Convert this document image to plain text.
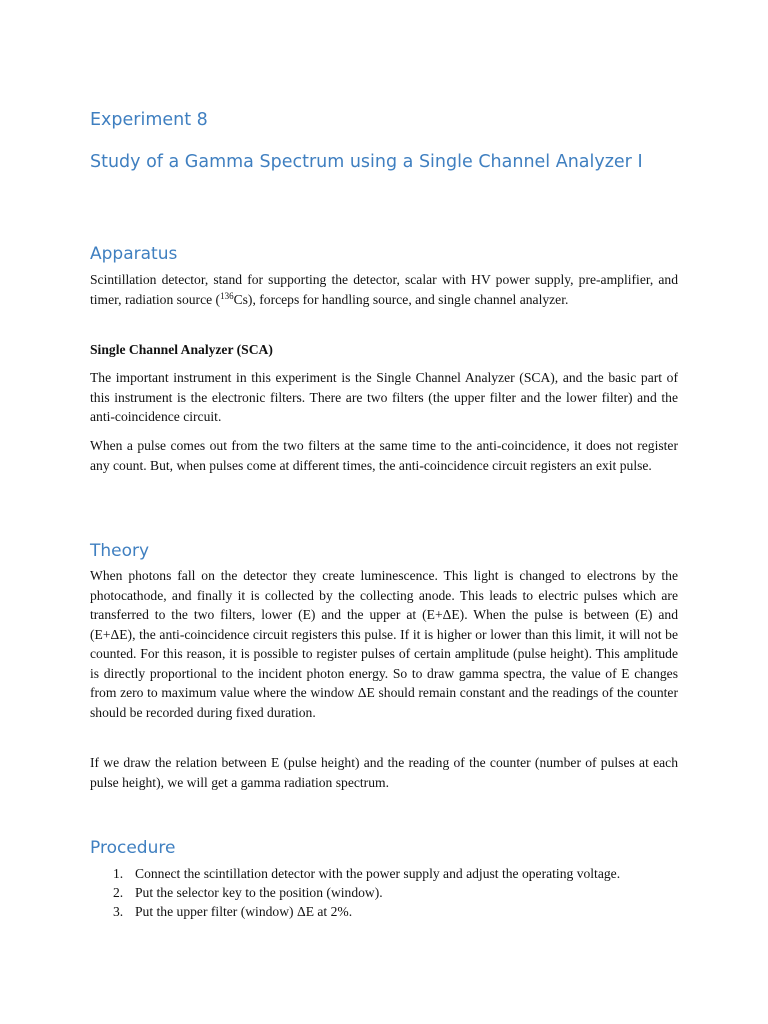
Experiment 8
Study of a Gamma Spectrum using a Single Channel Analyzer I
Apparatus

Scintillation detector, stand for supporting the detector, scalar with HV power supply, pre-amplifier, and timer, radiation source ($^{136}$Cs), forceps for handling source, and single channel analyzer.

Single Channel Analyzer (SCA)

The important instrument in this experiment is the Single Channel Analyzer (SCA), and the basic part of this instrument is the electronic filters. There are two filters (the upper filter and the lower filter) and the anti-coincidence circuit.

When a pulse comes out from the two filters at the same time to the anti-coincidence, it does not register any count. But, when pulses come at different times, the anti-coincidence circuit registers an exit pulse.

Theory

When photons fall on the detector they create luminescence. This light is changed to electrons by the photocathode, and finally it is collected by the collecting anode. This leads to electric pulses which are transferred to the two filters, lower (E) and the upper at (E+ΔE). When the pulse is between (E) and (E+ΔE), the anti-coincidence circuit registers this pulse. If it is higher or lower than this limit, it will not be counted. For this reason, it is possible to register pulses of certain amplitude (pulse height). This amplitude is directly proportional to the incident photon energy. So to draw gamma spectra, the value of E changes from zero to maximum value where the window ΔE should remain constant and the readings of the counter should be recorded during fixed duration.

If we draw the relation between E (pulse height) and the reading of the counter (number of pulses at each pulse height), we will get a gamma radiation spectrum.

Procedure
1. Connect the scintillation detector with the power supply and adjust the operating voltage.
2. Put the selector key to the position (window).
3. Put the upper filter (window) ΔE at 2%.
